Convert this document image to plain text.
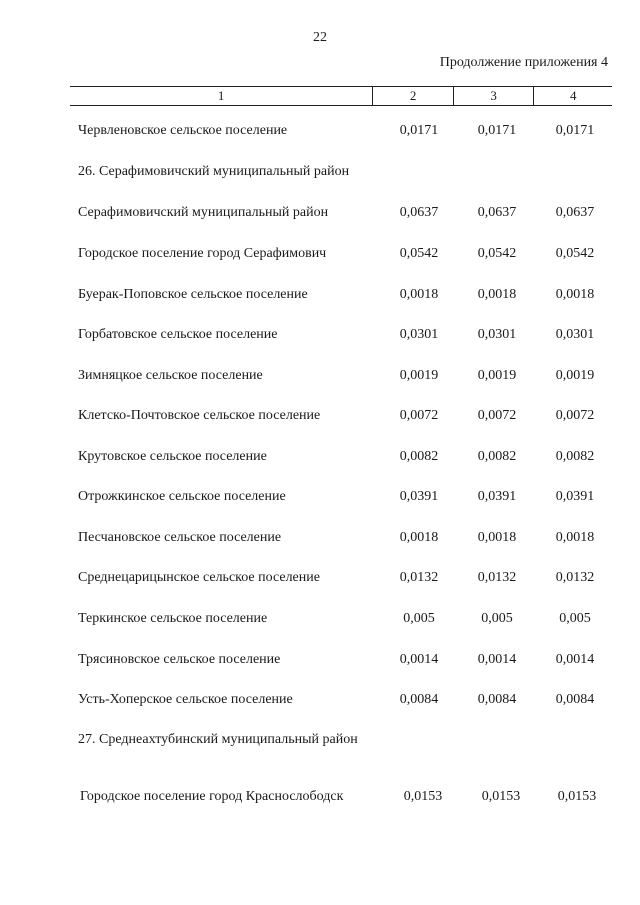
22
Продолжение приложения 4
1	2	3	4
Червленовское сельское поселение	0,0171	0,0171	0,0171
26. Серафимовичский муниципальный район
Серафимовичский муниципальный район	0,0637	0,0637	0,0637
Городское поселение город Серафимович	0,0542	0,0542	0,0542
Буерак-Поповское сельское поселение	0,0018	0,0018	0,0018
Горбатовское сельское поселение	0,0301	0,0301	0,0301
Зимняцкое сельское поселение	0,0019	0,0019	0,0019
Клетско-Почтовское сельское поселение	0,0072	0,0072	0,0072
Крутовское сельское поселение	0,0082	0,0082	0,0082
Отрожкинское сельское поселение	0,0391	0,0391	0,0391
Песчановское сельское поселение	0,0018	0,0018	0,0018
Среднецарицынское сельское поселение	0,0132	0,0132	0,0132
Теркинское сельское поселение	0,005	0,005	0,005
Трясиновское сельское поселение	0,0014	0,0014	0,0014
Усть-Хоперское сельское поселение	0,0084	0,0084	0,0084
27. Среднеахтубинский муниципальный район
Городское поселение город Краснослободск	0,0153	0,0153	0,0153
